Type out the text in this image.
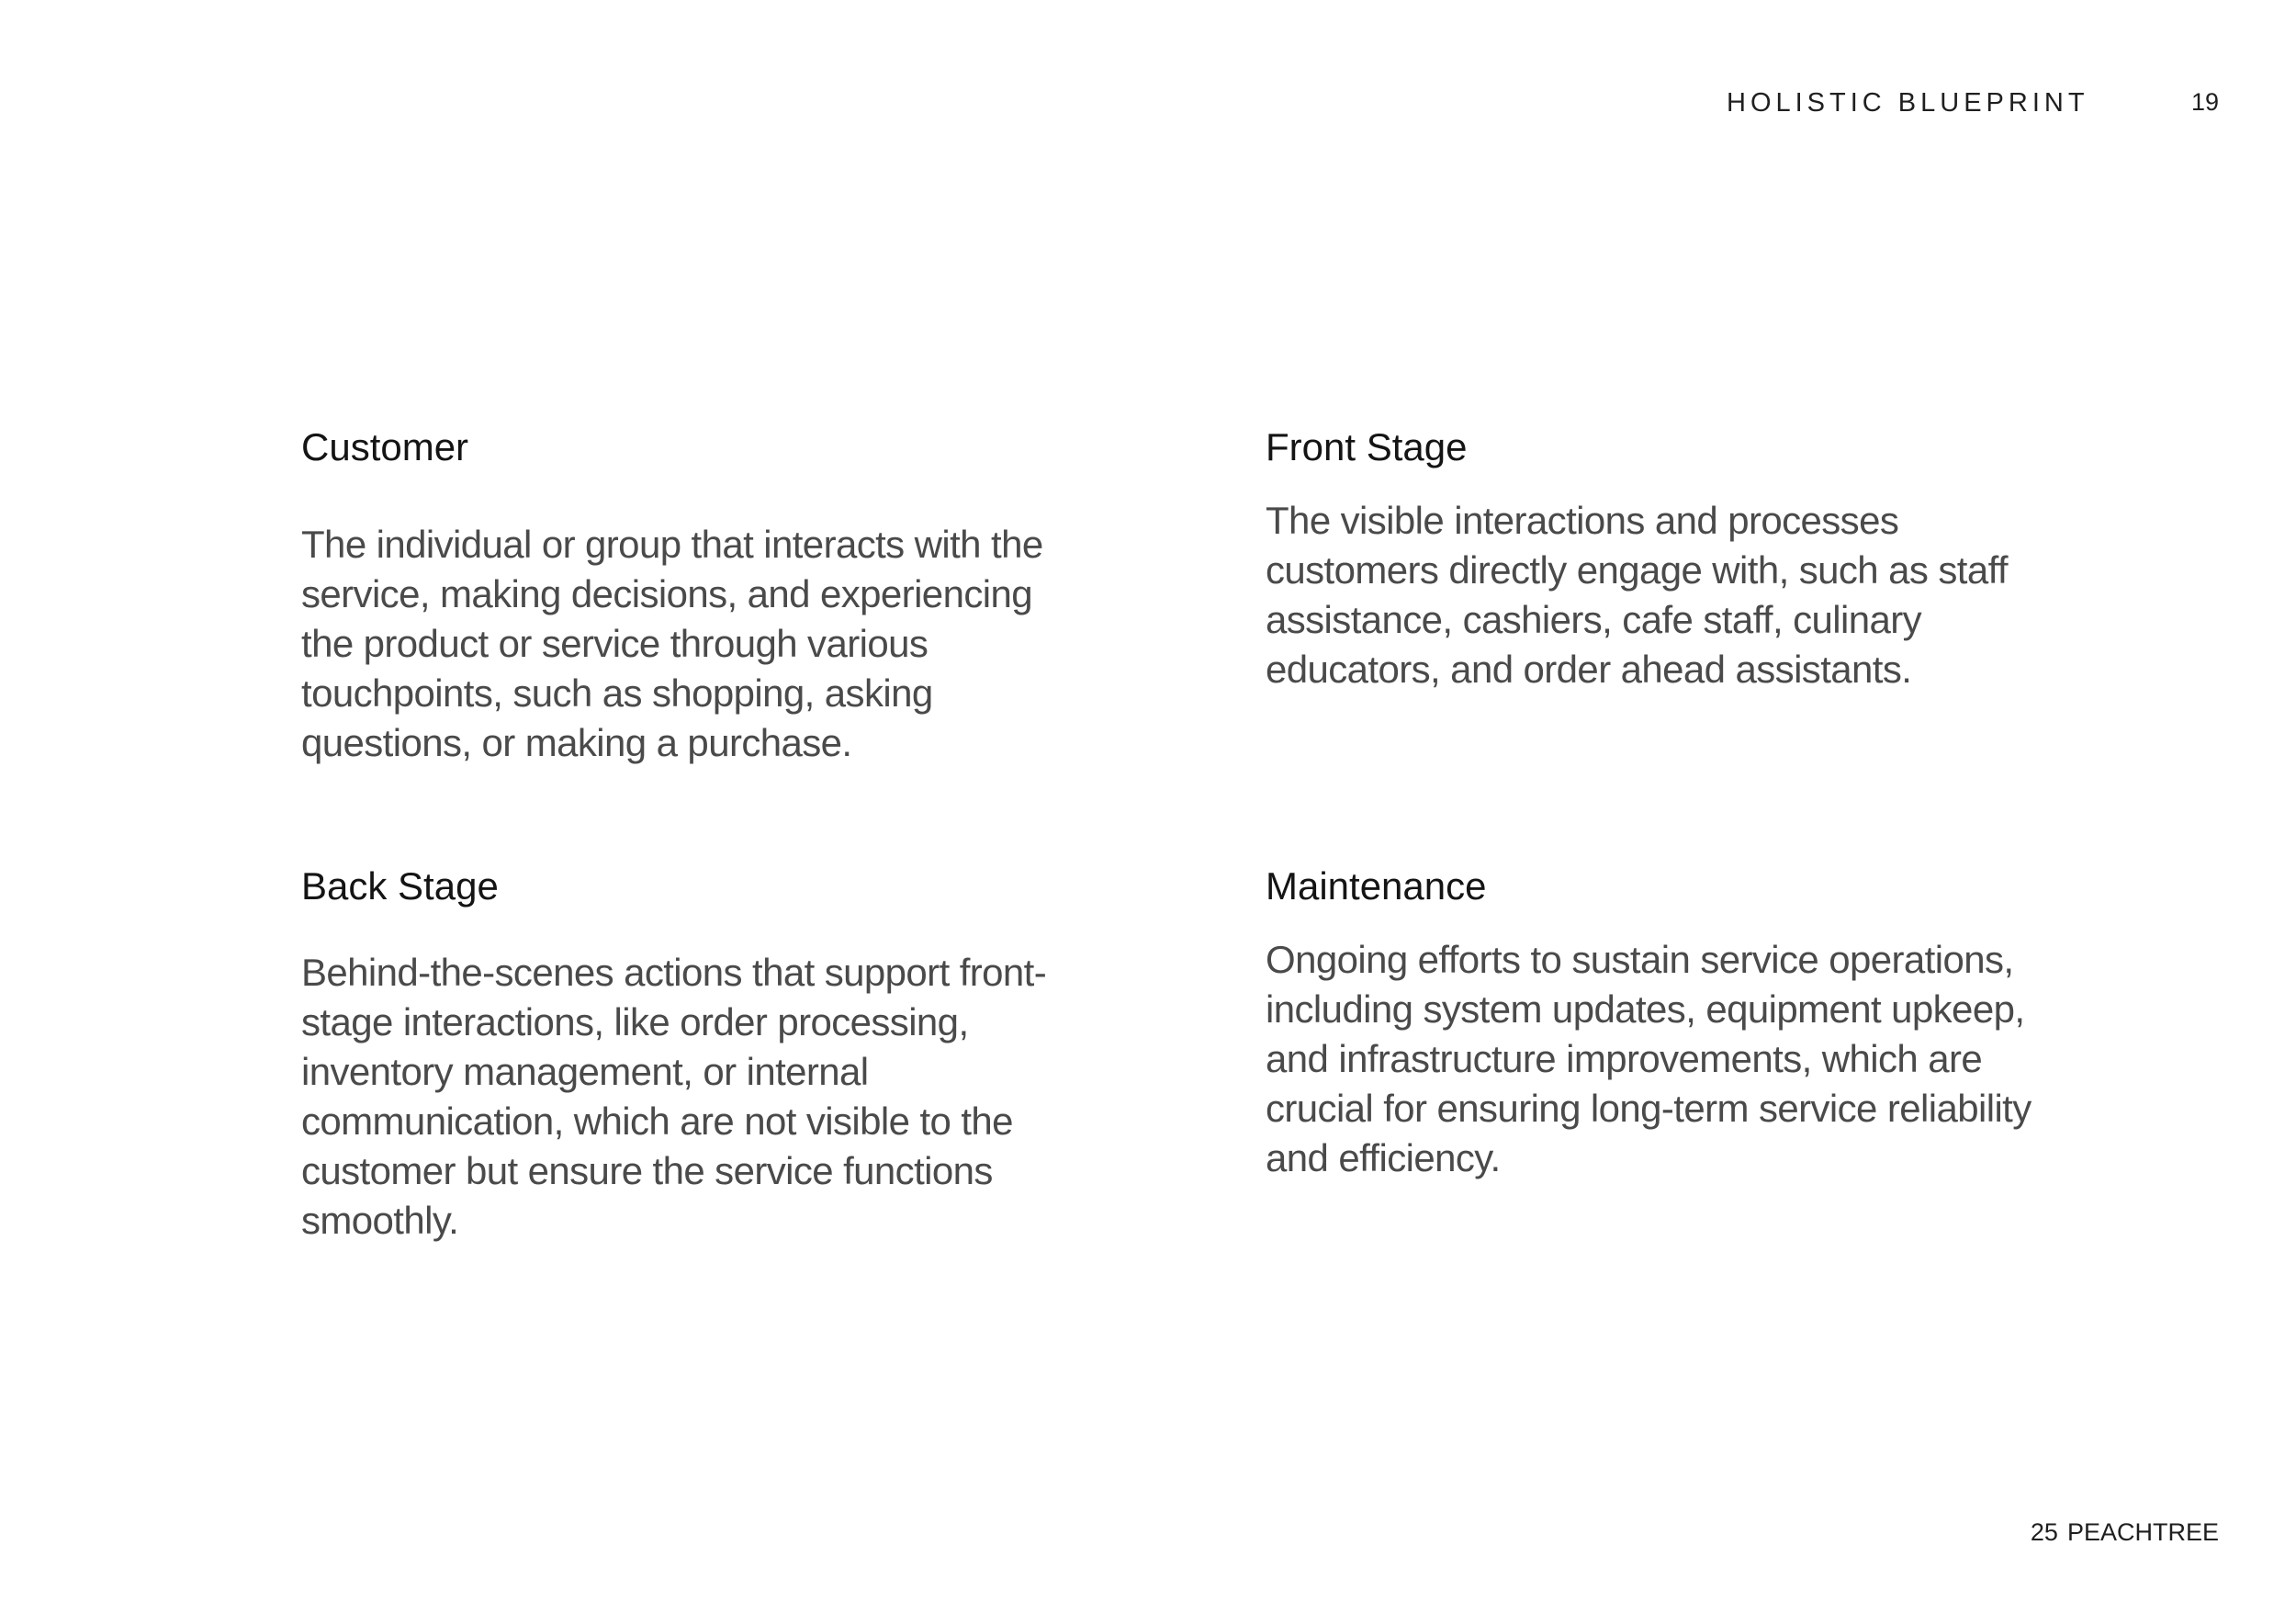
HOLISTIC BLUEPRINT	19
Customer

The individual or group that interacts with the service, making decisions, and experiencing the product or service through various touchpoints, such as shopping, asking questions, or making a purchase.

Front Stage

The visible interactions and processes customers directly engage with, such as staff assistance, cashiers, cafe staff, culinary educators, and order ahead assistants.

Back Stage

Behind-the-scenes actions that support front-stage interactions, like order processing, inventory management, or internal communication, which are not visible to the customer but ensure the service functions smoothly.

Maintenance

Ongoing efforts to sustain service operations, including system updates, equipment upkeep, and infrastructure improvements, which are crucial for ensuring long-term service reliability and efficiency.

25 PEACHTREE
